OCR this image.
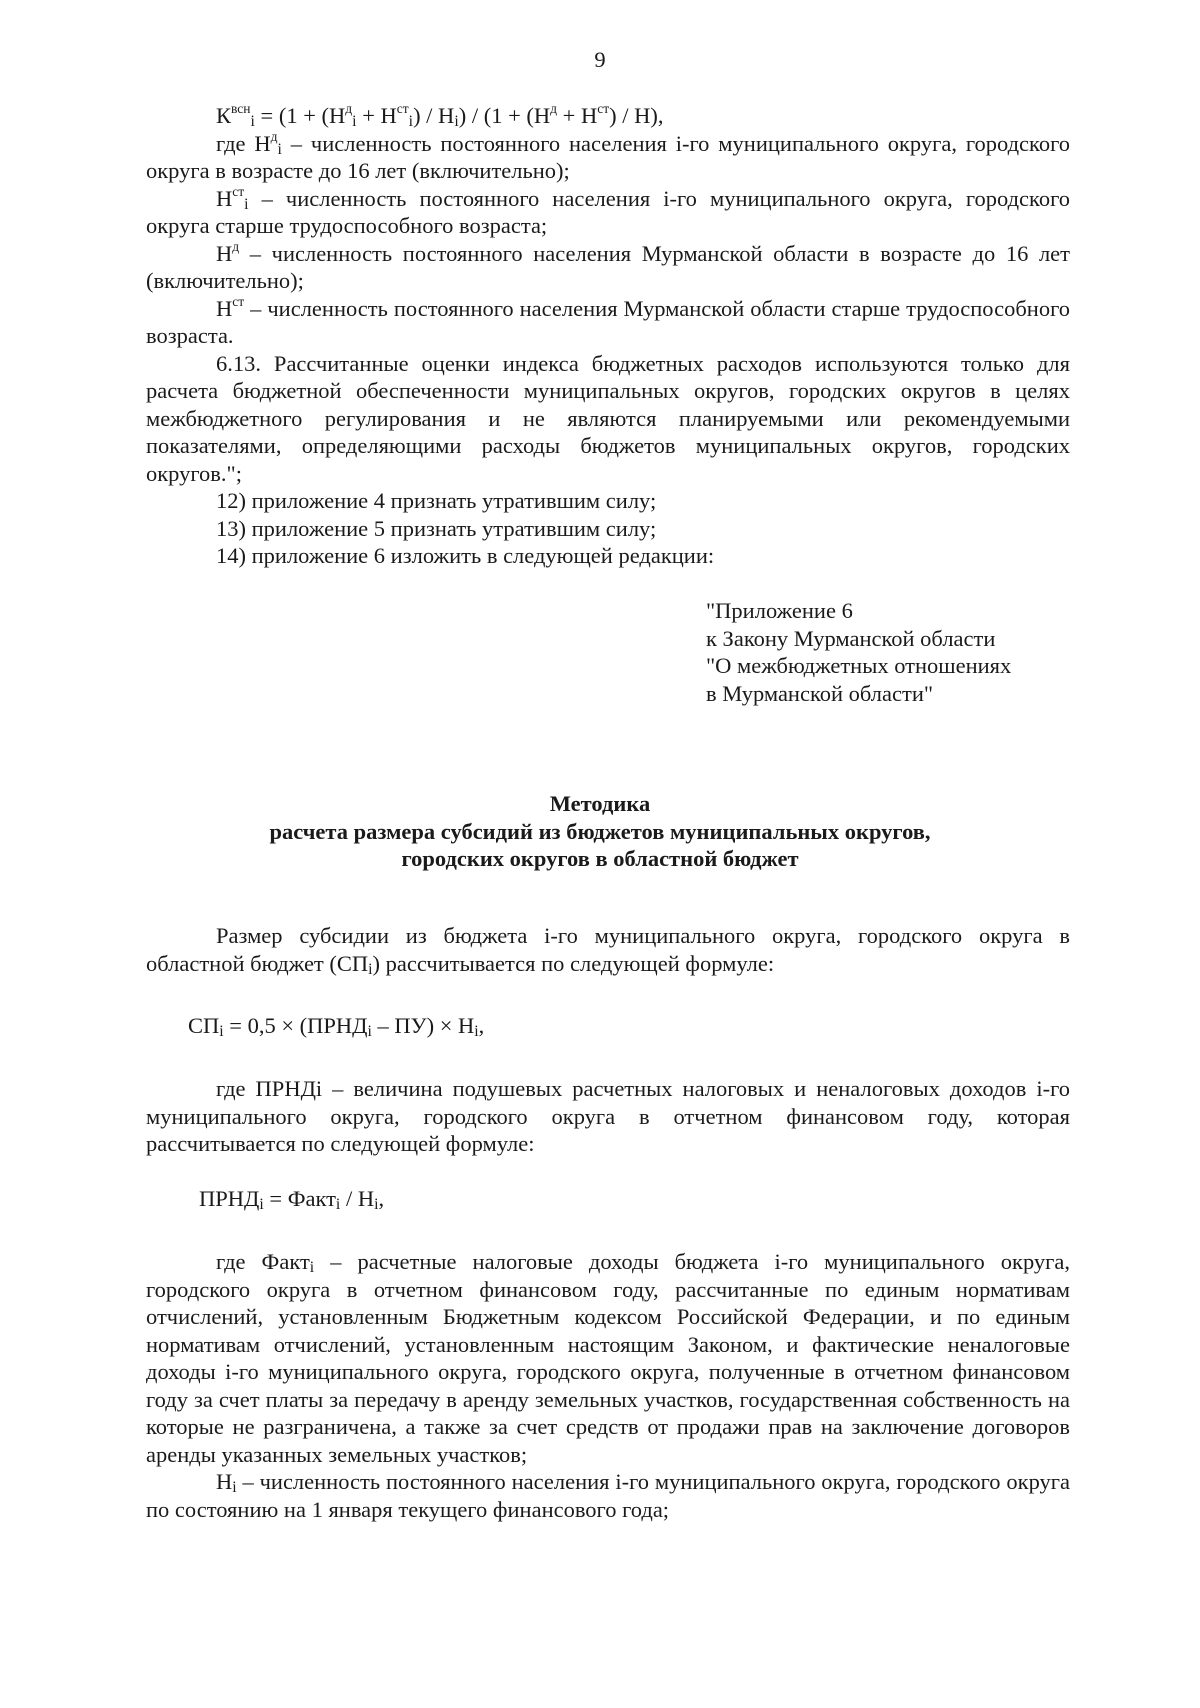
9

$К^{всн}_i = (1 + (Н^д_i + Н^{ст}_i) / Н_i) / (1 + (Н^д + Н^{ст}) / Н)$,

где $Н^д_i$ – численность постоянного населения i-го муниципального округа, городского округа в возрасте до 16 лет (включительно);

$Н^{ст}_i$ – численность постоянного населения i-го муниципального округа, городского округа старше трудоспособного возраста;

$Н^д$ – численность постоянного населения Мурманской области в возрасте до 16 лет (включительно);

$Н^{ст}$ – численность постоянного населения Мурманской области старше трудоспособного возраста.

6.13. Рассчитанные оценки индекса бюджетных расходов используются только для расчета бюджетной обеспеченности муниципальных округов, городских округов в целях межбюджетного регулирования и не являются планируемыми или рекомендуемыми показателями, определяющими расходы бюджетов муниципальных округов, городских округов.";

12) приложение 4 признать утратившим силу;

13) приложение 5 признать утратившим силу;

14) приложение 6 изложить в следующей редакции:

"Приложение 6
к Закону Мурманской области
"О межбюджетных отношениях
в Мурманской области"
Методика
расчета размера субсидий из бюджетов муниципальных округов,
городских округов в областной бюджет

Размер субсидии из бюджета i-го муниципального округа, городского округа в областной бюджет $(СП_i)$ рассчитывается по следующей формуле:

$СП_i = 0,5$ × $(ПРНД_i - ПУ) \times Н_i$,

где ПРНДi – величина подушевых расчетных налоговых и неналоговых доходов i-го муниципального округа, городского округа в отчетном финансовом году, которая рассчитывается по следующей формуле:

$ПРНД_i$ = Факт$_i$ / $Н_i$,

где Факт$_i$ – расчетные налоговые доходы бюджета i-го муниципального округа, городского округа в отчетном финансовом году, рассчитанные по единым нормативам отчислений, установленным Бюджетным кодексом Российской Федерации, и по единым нормативам отчислений, установленным настоящим Законом, и фактические неналоговые доходы i-го муниципального округа, городского округа, полученные в отчетном финансовом году за счет платы за передачу в аренду земельных участков, государственная собственность на которые не разграничена, а также за счет средств от продажи прав на заключение договоров аренды указанных земельных участков;

$Н_i$ – численность постоянного населения i-го муниципального округа, городского округа по состоянию на 1 января текущего финансового года;
